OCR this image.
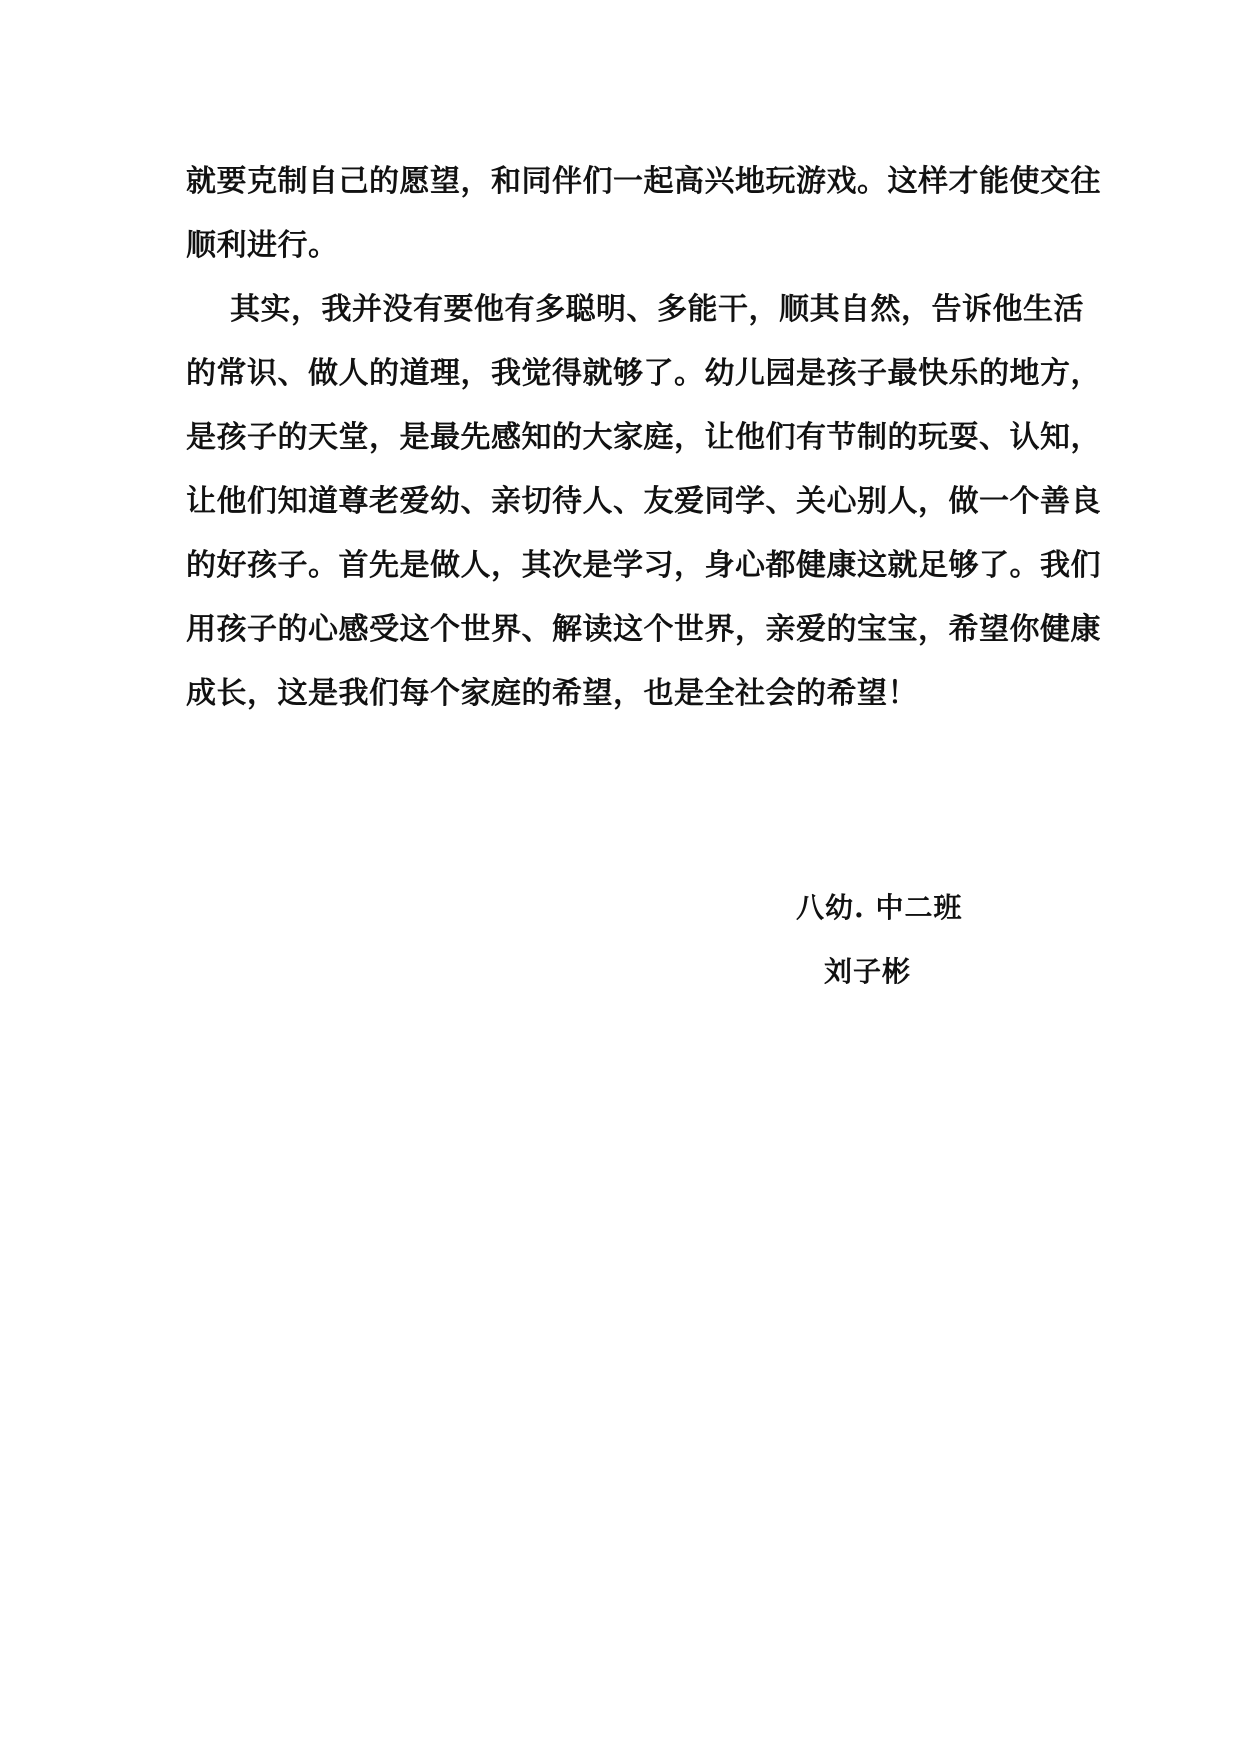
就要克制自己的愿望，和同伴们一起高兴地玩游戏。这样才能使交往
顺利进行。
其实，我并没有要他有多聪明、多能干，顺其自然，告诉他生活
的常识、做人的道理，我觉得就够了。幼儿园是孩子最快乐的地方，
是孩子的天堂，是最先感知的大家庭，让他们有节制的玩耍、认知，
让他们知道尊老爱幼、亲切待人、友爱同学、关心别人，做一个善良
的好孩子。首先是做人，其次是学习，身心都健康这就足够了。我们
用孩子的心感受这个世界、解读这个世界，亲爱的宝宝，希望你健康
成长，这是我们每个家庭的希望，也是全社会的希望！
八幼. 中二班
刘子彬
